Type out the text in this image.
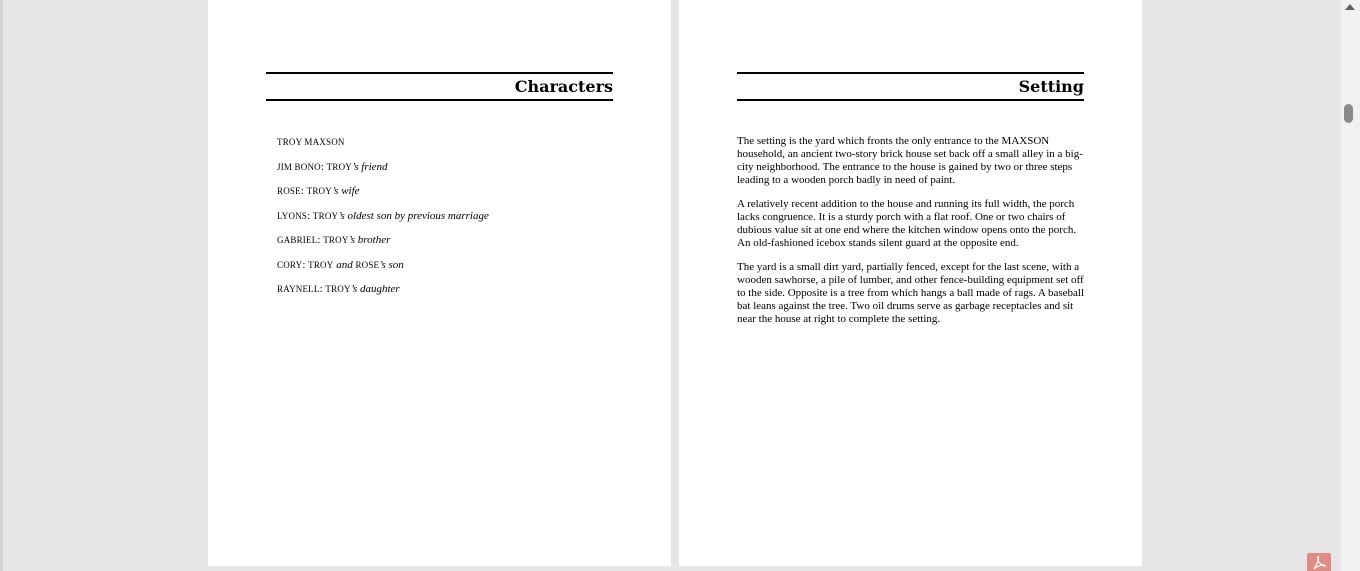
Characters
TROY MAXSON
JIM BONO: TROY’s friend
ROSE: TROY’s wife
LYONS: TROY’s oldest son by previous marriage
GABRIEL: TROY’s brother
CORY: TROY and ROSE’s son
RAYNELL: TROY’s daughter
Setting

The setting is the yard which fronts the only entrance to the MAXSON household, an ancient two-story brick house set back off a small alley in a big-city neighborhood. The entrance to the house is gained by two or three steps leading to a wooden porch badly in need of paint.

A relatively recent addition to the house and running its full width, the porch lacks congruence. It is a sturdy porch with a flat roof. One or two chairs of dubious value sit at one end where the kitchen window opens onto the porch. An old-fashioned icebox stands silent guard at the opposite end.

The yard is a small dirt yard, partially fenced, except for the last scene, with a wooden sawhorse, a pile of lumber, and other fence-building equipment set off to the side. Opposite is a tree from which hangs a ball made of rags. A baseball bat leans against the tree. Two oil drums serve as garbage receptacles and sit near the house at right to complete the setting.
